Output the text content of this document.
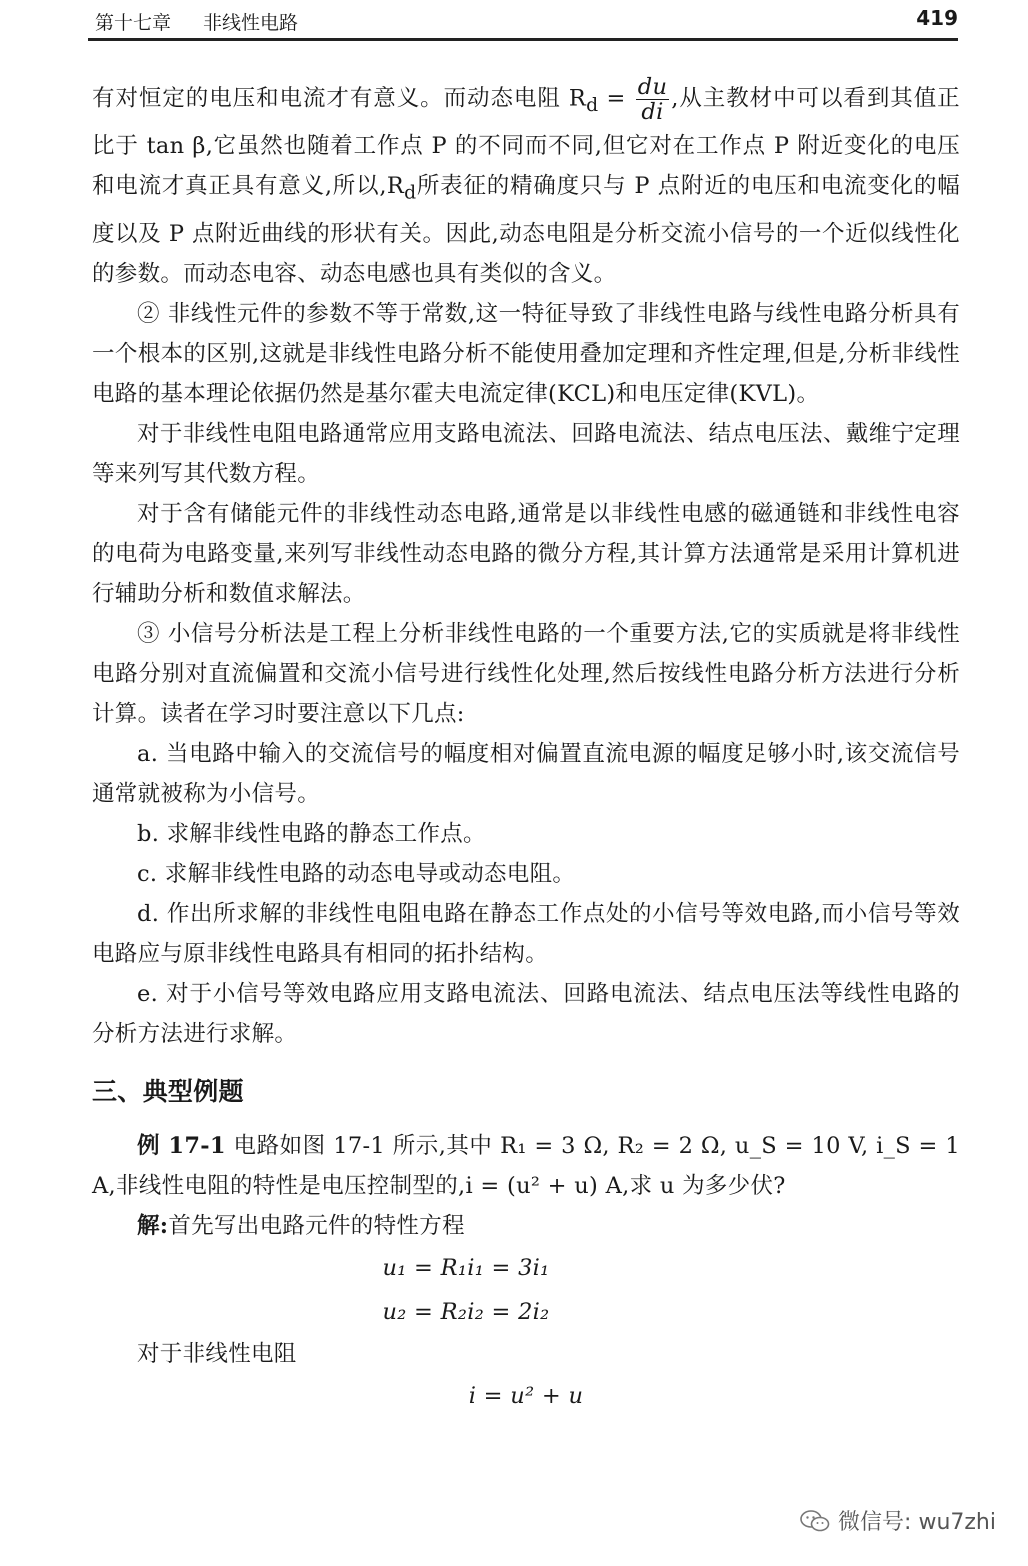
第十七章 非线性电路	419

有对恒定的电压和电流才有意义。而动态电阻 $R_d = \frac{du}{di}$ ,从主教材中可以看到其值正比于 tan β,它虽然也随着工作点 P 的不同而不同,但它对在工作点 P 附近变化的电压和电流才真正具有意义,所以$,R_d$所表征的精确度只与 P 点附近的电压和电流变化的幅度以及 P 点附近曲线的形状有关。因此,动态电阻是分析交流小信号的一个近似线性化的参数。而动态电容、动态电感也具有类似的含义。

② 非线性元件的参数不等于常数,这一特征导致了非线性电路与线性电路分析具有一个根本的区别,这就是非线性电路分析不能使用叠加定理和齐性定理,但是,分析非线性电路的基本理论依据仍然是基尔霍夫电流定律(KCL)和电压定律(KVL)。

对于非线性电阻电路通常应用支路电流法、回路电流法、结点电压法、戴维宁定理等来列写其代数方程。

对于含有储能元件的非线性动态电路,通常是以非线性电感的磁通链和非线性电容的电荷为电路变量,来列写非线性动态电路的微分方程,其计算方法通常是采用计算机进行辅助分析和数值求解法。

③ 小信号分析法是工程上分析非线性电路的一个重要方法,它的实质就是将非线性电路分别对直流偏置和交流小信号进行线性化处理,然后按线性电路分析方法进行分析计算。读者在学习时要注意以下几点:

a. 当电路中输入的交流信号的幅度相对偏置直流电源的幅度足够小时,该交流信号通常就被称为小信号。

b. 求解非线性电路的静态工作点。

c. 求解非线性电路的动态电导或动态电阻。

d. 作出所求解的非线性电阻电路在静态工作点处的小信号等效电路,而小信号等效电路应与原非线性电路具有相同的拓扑结构。

e. 对于小信号等效电路应用支路电流法、回路电流法、结点电压法等线性电路的分析方法进行求解。

三、典型例题

例 17-1 电路如图 17-1 所示,其中 R₁ = 3 Ω, R₂ = 2 Ω, u_S = 10 V, i_S = 1 A,非线性电阻的特性是电压控制型的,i = (u² + u) A,求 u 为多少伏?

解:首先写出电路元件的特性方程

u₁ = R₁i₁ = 3i₁
u₂ = R₂i₂ = 2i₂

对于非线性电阻

i = u² + u
微信号: wu7zhi
